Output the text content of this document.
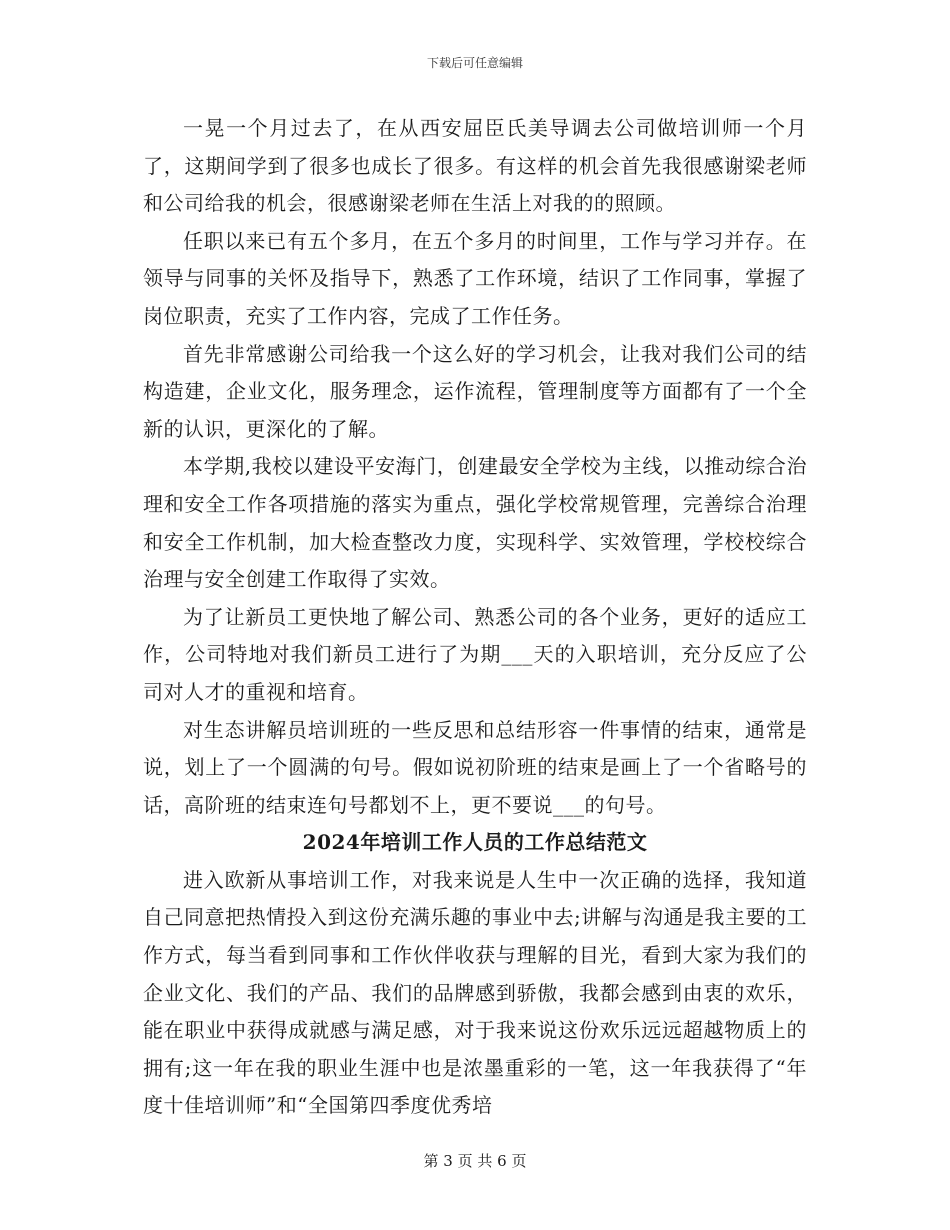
下载后可任意编辑

一晃一个月过去了，在从西安屈臣氏美导调去公司做培训师一个月了，这期间学到了很多也成长了很多。有这样的机会首先我很感谢梁老师和公司给我的机会，很感谢梁老师在生活上对我的的照顾。

任职以来已有五个多月，在五个多月的时间里，工作与学习并存。在领导与同事的关怀及指导下，熟悉了工作环境，结识了工作同事，掌握了岗位职责，充实了工作内容，完成了工作任务。

首先非常感谢公司给我一个这么好的学习机会，让我对我们公司的结构造建，企业文化，服务理念，运作流程，管理制度等方面都有了一个全新的认识，更深化的了解。

本学期,我校以建设平安海门，创建最安全学校为主线，以推动综合治理和安全工作各项措施的落实为重点，强化学校常规管理，完善综合治理和安全工作机制，加大检查整改力度，实现科学、实效管理，学校校综合治理与安全创建工作取得了实效。

为了让新员工更快地了解公司、熟悉公司的各个业务，更好的适应工作，公司特地对我们新员工进行了为期___天的入职培训，充分反应了公司对人才的重视和培育。

对生态讲解员培训班的一些反思和总结形容一件事情的结束，通常是说，划上了一个圆满的句号。假如说初阶班的结束是画上了一个省略号的话，高阶班的结束连句号都划不上，更不要说___的句号。

2024年培训工作人员的工作总结范文

进入欧新从事培训工作，对我来说是人生中一次正确的选择，我知道自己同意把热情投入到这份充满乐趣的事业中去;讲解与沟通是我主要的工作方式，每当看到同事和工作伙伴收获与理解的目光，看到大家为我们的企业文化、我们的产品、我们的品牌感到骄傲，我都会感到由衷的欢乐，能在职业中获得成就感与满足感，对于我来说这份欢乐远远超越物质上的拥有;这一年在我的职业生涯中也是浓墨重彩的一笔，这一年我获得了“年度十佳培训师”和“全国第四季度优秀培

第 3 页 共 6 页
